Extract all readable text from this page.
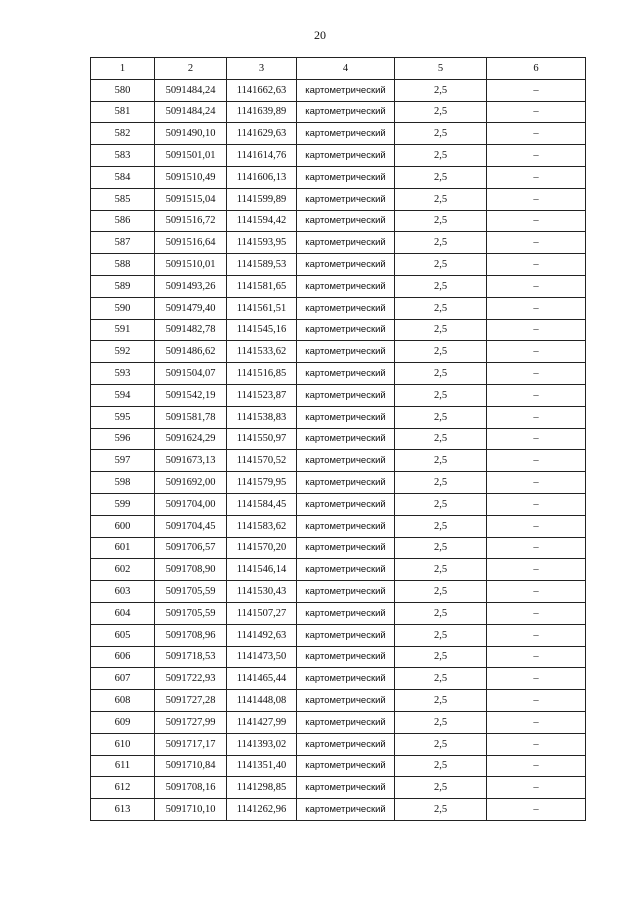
20
1	2	3	4	5	6
580	5091484,24	1141662,63	картометрический	2,5	–
581	5091484,24	1141639,89	картометрический	2,5	–
582	5091490,10	1141629,63	картометрический	2,5	–
583	5091501,01	1141614,76	картометрический	2,5	–
584	5091510,49	1141606,13	картометрический	2,5	–
585	5091515,04	1141599,89	картометрический	2,5	–
586	5091516,72	1141594,42	картометрический	2,5	–
587	5091516,64	1141593,95	картометрический	2,5	–
588	5091510,01	1141589,53	картометрический	2,5	–
589	5091493,26	1141581,65	картометрический	2,5	–
590	5091479,40	1141561,51	картометрический	2,5	–
591	5091482,78	1141545,16	картометрический	2,5	–
592	5091486,62	1141533,62	картометрический	2,5	–
593	5091504,07	1141516,85	картометрический	2,5	–
594	5091542,19	1141523,87	картометрический	2,5	–
595	5091581,78	1141538,83	картометрический	2,5	–
596	5091624,29	1141550,97	картометрический	2,5	–
597	5091673,13	1141570,52	картометрический	2,5	–
598	5091692,00	1141579,95	картометрический	2,5	–
599	5091704,00	1141584,45	картометрический	2,5	–
600	5091704,45	1141583,62	картометрический	2,5	–
601	5091706,57	1141570,20	картометрический	2,5	–
602	5091708,90	1141546,14	картометрический	2,5	–
603	5091705,59	1141530,43	картометрический	2,5	–
604	5091705,59	1141507,27	картометрический	2,5	–
605	5091708,96	1141492,63	картометрический	2,5	–
606	5091718,53	1141473,50	картометрический	2,5	–
607	5091722,93	1141465,44	картометрический	2,5	–
608	5091727,28	1141448,08	картометрический	2,5	–
609	5091727,99	1141427,99	картометрический	2,5	–
610	5091717,17	1141393,02	картометрический	2,5	–
611	5091710,84	1141351,40	картометрический	2,5	–
612	5091708,16	1141298,85	картометрический	2,5	–
613	5091710,10	1141262,96	картометрический	2,5	–
